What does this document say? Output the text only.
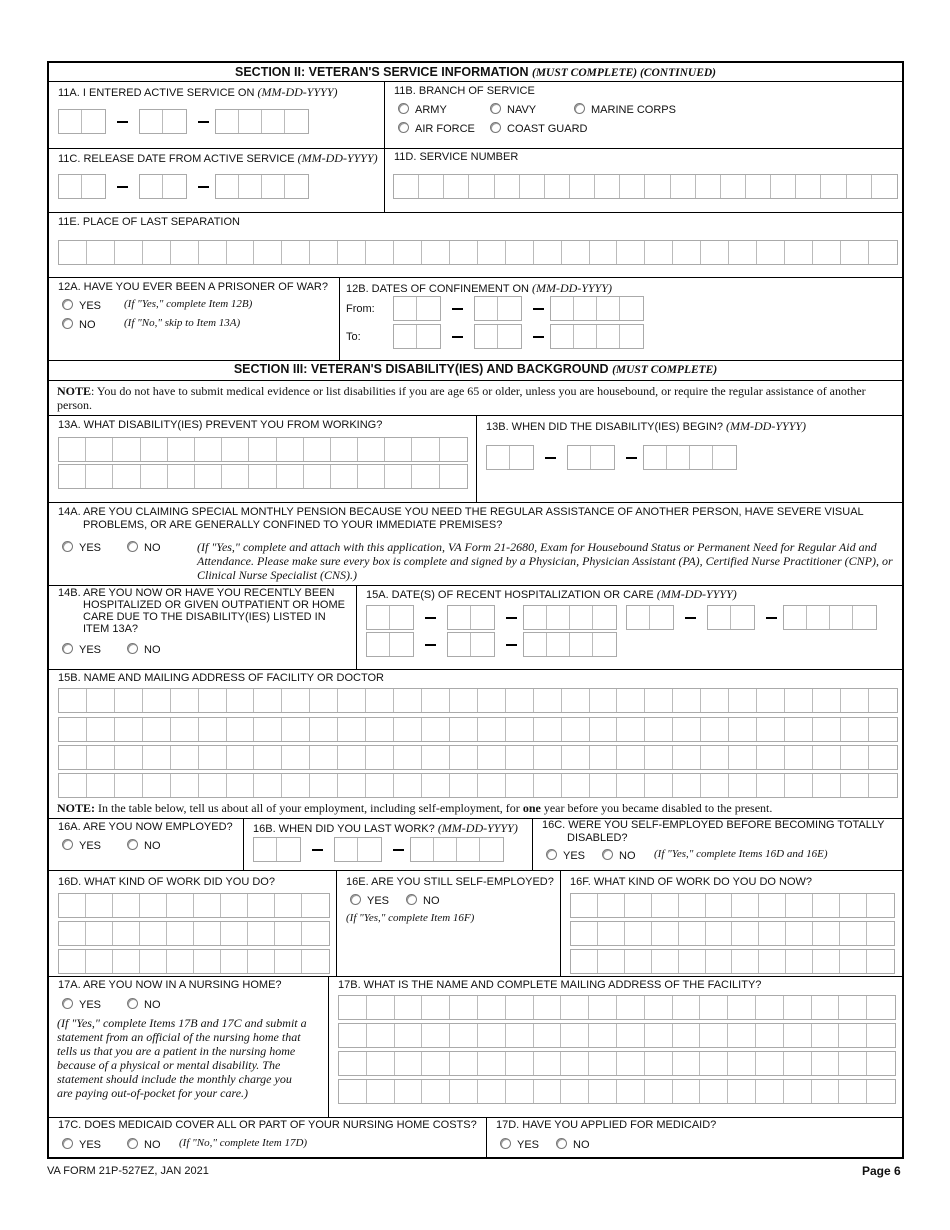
SECTION II: VETERAN'S SERVICE INFORMATION (MUST COMPLETE) (CONTINUED)
11A. I ENTERED ACTIVE SERVICE ON (MM-DD-YYYY)	11B. BRANCH OF SERVICE
ARMY	NAVY	MARINE CORPS
AIR FORCE	COAST GUARD
11C. RELEASE DATE FROM ACTIVE SERVICE (MM-DD-YYYY) 11D. SERVICE NUMBER
11E. PLACE OF LAST SEPARATION
12A. HAVE YOU EVER BEEN A PRISONER OF WAR?
YES (If "Yes," complete Item 12B)
NO	(If "No," skip to Item 13A)
12B. DATES OF CONFINEMENT ON (MM-DD-YYYY)
From:
To:
SECTION III: VETERAN'S DISABILITY(IES) AND BACKGROUND (MUST COMPLETE)
NOTE: You do not have to submit medical evidence or list disabilities if you are age 65 or older, unless you are housebound, or require the regular assistance of another person.
13A. WHAT DISABILITY(IES) PREVENT YOU FROM WORKING?	13B. WHEN DID THE DISABILITY(IES) BEGIN? (MM-DD-YYYY)
14A. ARE YOU CLAIMING SPECIAL MONTHLY PENSION BECAUSE YOU NEED THE REGULAR ASSISTANCE OF ANOTHER PERSON, HAVE SEVERE VISUAL
PROBLEMS, OR ARE GENERALLY CONFINED TO YOUR IMMEDIATE PREMISES?
YES	NO	(If "Yes," complete and attach with this application, VA Form 21-2680, Exam for Housebound Status or Permanent Need for Regular Aid and Attendance. Please make sure every box is complete and signed by a Physician, Physician Assistant (PA), Certified Nurse Practitioner (CNP), or Clinical Nurse Specialist (CNS).)
14B. ARE YOU NOW OR HAVE YOU RECENTLY BEEN
HOSPITALIZED OR GIVEN OUTPATIENT OR HOME
CARE DUE TO THE DISABILITY(IES) LISTED IN
ITEM 13A?
YES	NO
15A. DATE(S) OF RECENT HOSPITALIZATION OR CARE (MM-DD-YYYY)
15B. NAME AND MAILING ADDRESS OF FACILITY OR DOCTOR
NOTE: In the table below, tell us about all of your employment, including self-employment, for one year before you became disabled to the present.
16A. ARE YOU NOW EMPLOYED?
YES	NO
16B. WHEN DID YOU LAST WORK? (MM-DD-YYYY) 16C. WERE YOU SELF-EMPLOYED BEFORE BECOMING TOTALLY
DISABLED?
YES	NO (If "Yes," complete Items 16D and 16E)
16D. WHAT KIND OF WORK DID YOU DO?	16E. ARE YOU STILL SELF-EMPLOYED?
YES	NO
(If "Yes," complete Item 16F)
16F. WHAT KIND OF WORK DO YOU DO NOW?
17A. ARE YOU NOW IN A NURSING HOME?
YES	NO
(If "Yes," complete Items 17B and 17C and submit a
statement from an official of the nursing home that
tells us that you are a patient in the nursing home
because of a physical or mental disability. The
statement should include the monthly charge you
are paying out-of-pocket for your care.)
17B. WHAT IS THE NAME AND COMPLETE MAILING ADDRESS OF THE FACILITY?
17C. DOES MEDICAID COVER ALL OR PART OF YOUR NURSING HOME COSTS?
YES	NO (If "No," complete Item 17D)
17D. HAVE YOU APPLIED FOR MEDICAID?
YES	NO
VA FORM 21P-527EZ, JAN 2021	Page 6
